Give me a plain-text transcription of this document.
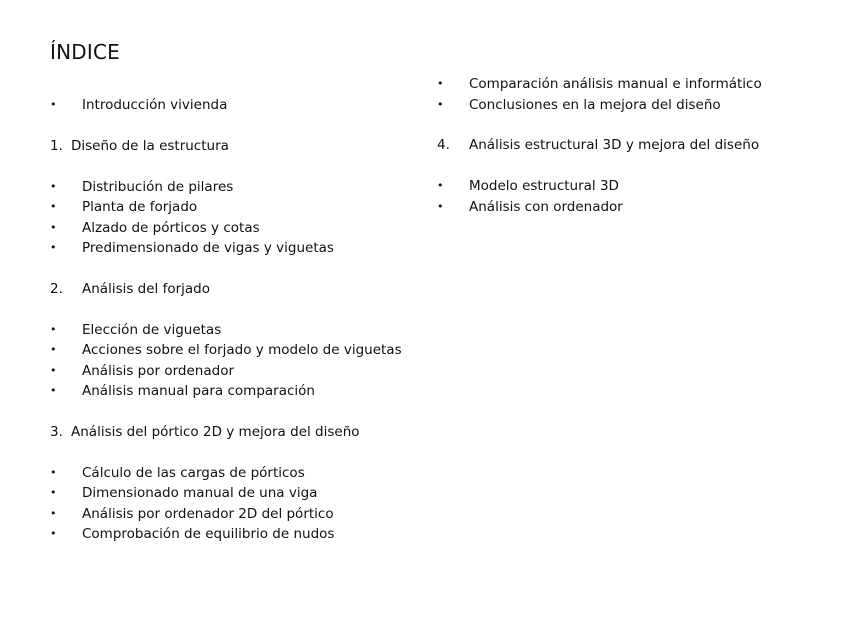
ÍNDICE
• Introducción vivienda
1. Diseño de la estructura
• Distribución de pilares
• Planta de forjado
• Alzado de pórticos y cotas
• Predimensionado de vigas y viguetas
2. Análisis del forjado
• Elección de viguetas
• Acciones sobre el forjado y modelo de viguetas
• Análisis por ordenador
• Análisis manual para comparación
3. Análisis del pórtico 2D y mejora del diseño
• Cálculo de las cargas de pórticos
• Dimensionado manual de una viga
• Análisis por ordenador 2D del pórtico
• Comprobación de equilibrio de nudos
• Comparación análisis manual e informático
• Conclusiones en la mejora del diseño
4. Análisis estructural 3D y mejora del diseño
• Modelo estructural 3D
• Análisis con ordenador
